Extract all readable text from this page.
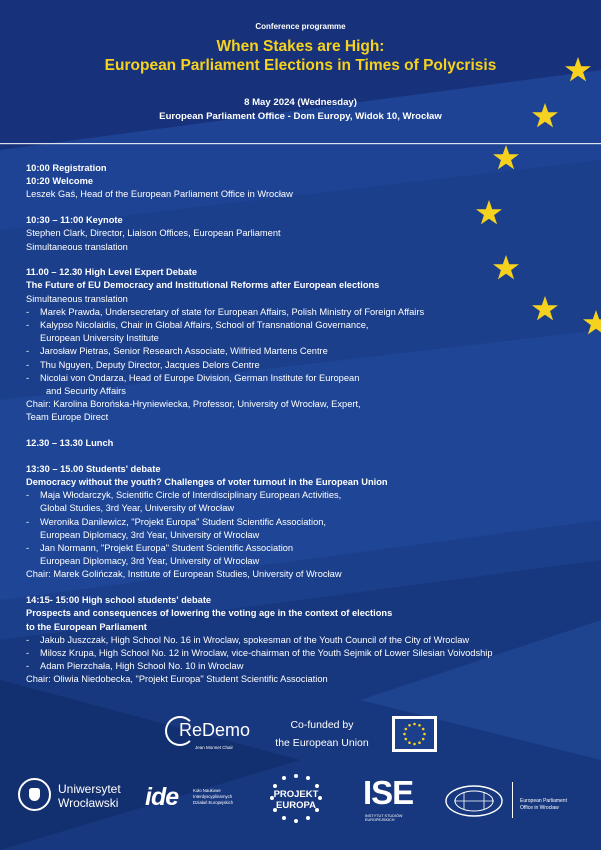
Conference programme
When Stakes are High:
European Parliament Elections in Times of Polycrisis
8 May 2024 (Wednesday)
European Parliament Office - Dom Europy, Widok 10, Wrocław
10:00 Registration
10:20 Welcome
Leszek Gaś, Head of the European Parliament Office in Wrocław
10:30 – 11:00 Keynote
Stephen Clark, Director, Liaison Offices, European Parliament
Simultaneous translation
11.00 – 12.30 High Level Expert Debate
The Future of EU Democracy and Institutional Reforms after European elections
Simultaneous translation
- Marek Prawda, Undersecretary of state for European Affairs, Polish Ministry of Foreign Affairs
- Kalypso Nicolaidis, Chair in Global Affairs, School of Transnational Governance,
European University Institute
- Jarosław Pietras, Senior Research Associate, Wilfried Martens Centre
- Thu Nguyen, Deputy Director, Jacques Delors Centre
- Nicolai von Ondarza, Head of Europe Division, German Institute for European
and Security Affairs
Chair: Karolina Borońska-Hryniewiecka, Professor, University of Wrocław, Expert,
Team Europe Direct
12.30 – 13.30 Lunch
13:30 – 15.00 Students' debate
Democracy without the youth? Challenges of voter turnout in the European Union
- Maja Włodarczyk, Scientific Circle of Interdisciplinary European Activities,
Global Studies, 3rd Year, University of Wrocław
- Weronika Danilewicz, "Projekt Europa" Student Scientific Association,
European Diplomacy, 3rd Year, University of Wrocław
- Jan Normann, "Projekt Europa" Student Scientific Association
European Diplomacy, 3rd Year, University of Wrocław
Chair: Marek Golińczak, Institute of European Studies, University of Wrocław
14:15- 15:00 High school students' debate
Prospects and consequences of lowering the voting age in the context of elections
to the European Parliament
- Jakub Juszczak, High School No. 16 in Wroclaw, spokesman of the Youth Council of the City of Wroclaw
- Milosz Krupa, High School No. 12 in Wroclaw, vice-chairman of the Youth Sejmik of Lower Silesian Voivodship
- Adam Pierzchała, High School No. 10 in Wroclaw
Chair: Oliwia Niedobecka, "Projekt Europa" Student Scientific Association
ReDemo
Jean Monnet Chair
Co-funded by
the European Union
Uniwersytet
Wrocławski ide	Koło Naukowe
Interdyscyplinarnych
Działań Europejskich
PROJEKT
EUROPA ISE
INSTYTUT STUDIÓW EUROPEJSKICH
European Parliament
Office in Wrocław
